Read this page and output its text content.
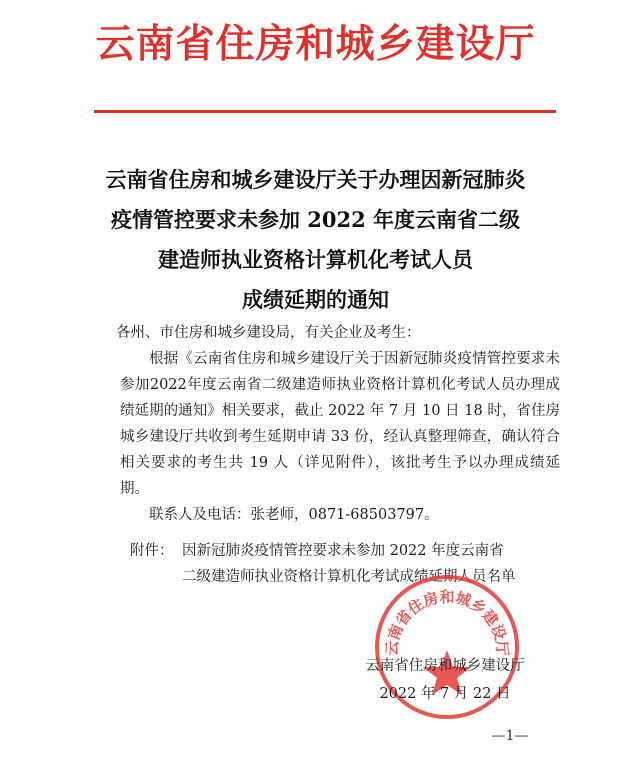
云南省住房和城乡建设厅
云南省住房和城乡建设厅关于办理因新冠肺炎
疫情管控要求未参加 2022 年度云南省二级
建造师执业资格计算机化考试人员
成绩延期的通知

各州、市住房和城乡建设局，有关企业及考生：

根据《云南省住房和城乡建设厅关于因新冠肺炎疫情管控要求未参加2022年度云南省二级建造师执业资格计算机化考试人员办理成绩延期的通知》相关要求，截止 2022 年 7 月 10 日 18 时，省住房城乡建设厅共收到考生延期申请 33 份，经认真整理筛查，确认符合相关要求的考生共 19 人（详见附件），该批考生予以办理成绩延期。

联系人及电话：张老师，0871-68503797。

附件： 因新冠肺炎疫情管控要求未参加 2022 年度云南省
二级建造师执业资格计算机化考试成绩延期人员名单
云南省住房和城乡建设厅
云南省住房和城乡建设厅
2022 年 7 月 22 日
—1—
